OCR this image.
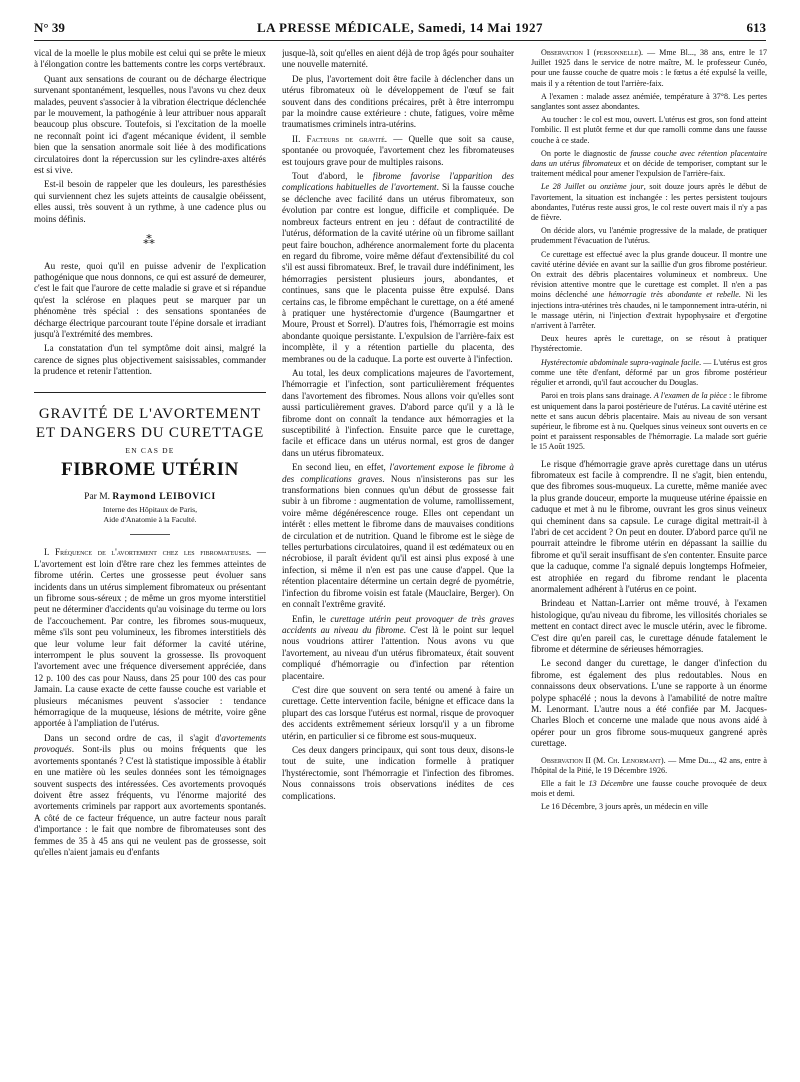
N° 39	LA PRESSE MÉDICALE, Samedi, 14 Mai 1927	613

vical de la moelle le plus mobile est celui qui se prête le mieux à l'élongation contre les battements contre les corps vertébraux.

Quant aux sensations de courant ou de décharge électrique survenant spontanément, lesquelles, nous l'avons vu chez deux malades, peuvent s'associer à la vibration électrique déclenchée par le mouvement, la pathogénie à leur attribuer nous apparaît beaucoup plus obscure. Toutefois, si l'excitation de la moelle ne reconnaît point ici d'agent mécanique évident, il semble bien que la sensation anormale soit liée à des modifications circulatoires dont la répercussion sur les cylindre-axes altérés est si vive.

Est-il besoin de rappeler que les douleurs, les paresthésies qui surviennent chez les sujets atteints de causalgie obéissent, elles aussi, très souvent à un rythme, à une cadence plus ou moins définis.

⁂

Au reste, quoi qu'il en puisse advenir de l'explication pathogénique que nous donnons, ce qui est assuré de demeurer, c'est le fait que l'aurore de cette maladie si grave et si répandue qu'est la sclérose en plaques peut se marquer par un phénomène très spécial : des sensations spontanées de décharge électrique parcourant toute l'épine dorsale et irradiant jusqu'à l'extrémité des membres.

La constatation d'un tel symptôme doit ainsi, malgré la carence de signes plus objectivement saisissables, commander la prudence et retenir l'attention.

GRAVITÉ DE L'AVORTEMENT
ET DANGERS DU CURETTAGE
EN CAS DE
FIBROME UTÉRIN
Par M. Raymond LEIBOVICI
Interne des Hôpitaux de Paris,
Aide d'Anatomie à la Faculté.

I. Fréquence de l'avortement chez les fibromateuses. — L'avortement est loin d'être rare chez les femmes atteintes de fibrome utérin. Certes une grossesse peut évoluer sans incidents dans un utérus simplement fibromateux ou présentant un fibrome sous-séreux ; de même un gros myome interstitiel peut ne déterminer d'accidents qu'au voisinage du terme ou lors de l'accouchement. Par contre, les fibromes sous-muqueux, même s'ils sont peu volumineux, les fibromes interstitiels dès que leur volume leur fait déformer la cavité utérine, interrompent le plus souvent la grossesse. Ils provoquent l'avortement avec une fréquence diversement appréciée, dans 12 p. 100 des cas pour Nauss, dans 25 pour 100 des cas pour Jamain. La cause exacte de cette fausse couche est variable et plusieurs mécanismes peuvent s'associer : tendance hémorragique de la muqueuse, lésions de métrite, voire gêne apportée à l'ampliation de l'utérus.

Dans un second ordre de cas, il s'agit d'avortements provoqués. Sont-ils plus ou moins fréquents que les avortements spontanés ? C'est là statistique impossible à établir en une matière où les seules données sont les témoignages souvent suspects des intéressées. Ces avortements provoqués doivent être assez fréquents, vu l'énorme majorité des avortements criminels par rapport aux avortements spontanés. A côté de ce facteur fréquence, un autre facteur nous paraît d'importance : le fait que nombre de fibromateuses sont des femmes de 35 à 45 ans qui ne veulent pas de grossesse, soit qu'elles n'aient jamais eu d'enfants

jusque-là, soit qu'elles en aient déjà de trop âgés pour souhaiter une nouvelle maternité.

De plus, l'avortement doit être facile à déclencher dans un utérus fibromateux où le développement de l'œuf se fait souvent dans des conditions précaires, prêt à être interrompu par la moindre cause extérieure : chute, fatigues, voire même traumatismes criminels intra-utérins.

II. Facteurs de gravité. — Quelle que soit sa cause, spontanée ou provoquée, l'avortement chez les fibromateuses est toujours grave pour de multiples raisons.

Tout d'abord, le fibrome favorise l'apparition des complications habituelles de l'avortement. Si la fausse couche se déclenche avec facilité dans un utérus fibromateux, son évolution par contre est longue, difficile et compliquée. De nombreux facteurs entrent en jeu : défaut de contractilité de l'utérus, déformation de la cavité utérine où un fibrome saillant peut faire bouchon, adhérence anormalement forte du placenta en regard du fibrome, voire même défaut d'extensibilité du col s'il est aussi fibromateux. Bref, le travail dure indéfiniment, les hémorragies persistent plusieurs jours, abondantes, et continues, sans que le placenta puisse être expulsé. Dans certains cas, le fibrome empêchant le curettage, on a été amené à pratiquer une hystérectomie d'urgence (Baumgartner et Moure, Proust et Sorrel). D'autres fois, l'hémorragie est moins abondante quoique persistante. L'expulsion de l'arrière-faix est incomplète, il y a rétention partielle du placenta, des membranes ou de la caduque. La porte est ouverte à l'infection.

Au total, les deux complications majeures de l'avortement, l'hémorragie et l'infection, sont particulièrement fréquentes dans l'avortement des fibromes. Nous allons voir qu'elles sont aussi particulièrement graves. D'abord parce qu'il y a là le fibrome dont on connaît la tendance aux hémorragies et la susceptibilité à l'infection. Ensuite parce que le curettage, facile et efficace dans un utérus normal, est gros de danger dans un utérus fibromateux.

En second lieu, en effet, l'avortement expose le fibrome à des complications graves. Nous n'insisterons pas sur les transformations bien connues qu'un début de grossesse fait subir à un fibrome : augmentation de volume, ramollissement, voire même dégénérescence rouge. Elles ont cependant un intérêt : elles mettent le fibrome dans de mauvaises conditions de circulation et de nutrition. Quand le fibrome est le siège de telles perturbations circulatoires, quand il est œdémateux ou en nécrobiose, il paraît évident qu'il est ainsi plus exposé à une infection, si même il n'en est pas une cause d'appel. Que la rétention placentaire détermine un certain degré de pyométrie, l'infection du fibrome voisin est fatale (Mauclaire, Berger). On en connaît l'extrême gravité.

Enfin, le curettage utérin peut provoquer de très graves accidents au niveau du fibrome. C'est là le point sur lequel nous voudrions attirer l'attention. Nous avons vu que l'avortement, au niveau d'un utérus fibromateux, était souvent compliqué d'hémorragie ou d'infection par rétention placentaire.

C'est dire que souvent on sera tenté ou amené à faire un curettage. Cette intervention facile, bénigne et efficace dans la plupart des cas lorsque l'utérus est normal, risque de provoquer des accidents extrêmement sérieux lorsqu'il y a un fibrome utérin, en particulier si ce fibrome est sous-muqueux.

Ces deux dangers principaux, qui sont tous deux, disons-le tout de suite, une indication formelle à pratiquer l'hystérectomie, sont l'hémorragie et l'infection des fibromes. Nous connaissons trois observations inédites de ces complications.

Observation I (personnelle). — Mme Bl..., 38 ans, entre le 17 Juillet 1925 dans le service de notre maître, M. le professeur Cunéo, pour une fausse couche de quatre mois : le fœtus a été expulsé la veille, mais il y a rétention de tout l'arrière-faix.

A l'examen : malade assez anémiée, température à 37°8. Les pertes sanglantes sont assez abondantes.

Au toucher : le col est mou, ouvert. L'utérus est gros, son fond atteint l'ombilic. Il est plutôt ferme et dur que ramolli comme dans une fausse couche à ce stade.

On porte le diagnostic de fausse couche avec rétention placentaire dans un utérus fibromateux et on décide de temporiser, comptant sur le traitement médical pour amener l'expulsion de l'arrière-faix.

Le 28 Juillet ou onzième jour, soit douze jours après le début de l'avortement, la situation est inchangée : les pertes persistent toujours abondantes, l'utérus reste aussi gros, le col reste ouvert mais il n'y a pas de fièvre.

On décide alors, vu l'anémie progressive de la malade, de pratiquer prudemment l'évacuation de l'utérus.

Ce curettage est effectué avec la plus grande douceur. Il montre une cavité utérine déviée en avant sur la saillie d'un gros fibrome postérieur. On extrait des débris placentaires volumineux et nombreux. Une révision attentive montre que le curettage est complet. Il n'en a pas moins déclenché une hémorragie très abondante et rebelle. Ni les injections intra-utérines très chaudes, ni le tamponnement intra-utérin, ni le massage utérin, ni l'injection d'extrait hypophysaire et d'ergotine n'arrivent à l'arrêter.

Deux heures après le curettage, on se résout à pratiquer l'hystérectomie.

Hystérectomie abdominale supra-vaginale facile. — L'utérus est gros comme une tête d'enfant, déformé par un gros fibrome postérieur régulier et arrondi, qu'il faut accoucher du Douglas.

Paroi en trois plans sans drainage. A l'examen de la pièce : le fibrome est uniquement dans la paroi postérieure de l'utérus. La cavité utérine est nette et sans aucun débris placentaire. Mais au niveau de son versant supérieur, le fibrome est à nu. Quelques sinus veineux sont ouverts en ce point et paraissent responsables de l'hémorragie. La malade sort guérie le 15 Août 1925.

Le risque d'hémorragie grave après curettage dans un utérus fibromateux est facile à comprendre. Il ne s'agit, bien entendu, que des fibromes sous-muqueux. La curette, même maniée avec la plus grande douceur, emporte la muqueuse utérine épaissie en caduque et met à nu le fibrome, ouvrant les gros sinus veineux qui cheminent dans sa capsule. Le curage digital mettrait-il à l'abri de cet accident ? On peut en douter. D'abord parce qu'il ne pourrait atteindre le fibrome utérin en dépassant la saillie du fibrome et qu'il serait insuffisant de s'en contenter. Ensuite parce que la caduque, comme l'a signalé depuis longtemps Hofmeier, est atrophiée en regard du fibrome rendant le placenta anormalement adhérent à l'utérus en ce point.

Brindeau et Nattan-Larrier ont même trouvé, à l'examen histologique, qu'au niveau du fibrome, les villosités choriales se mettent en contact direct avec le muscle utérin, avec le fibrome. C'est dire qu'en pareil cas, le curettage dénude fatalement le fibrome et détermine de sérieuses hémorragies.

Le second danger du curettage, le danger d'infection du fibrome, est également des plus redoutables. Nous en connaissons deux observations. L'une se rapporte à un énorme polype sphacélé ; nous la devons à l'amabilité de notre maître M. Lenormant. L'autre nous a été confiée par M. Jacques-Charles Bloch et concerne une malade que nous avons aidé à opérer pour un gros fibrome sous-muqueux gangrené après curettage.

Observation II (M. Ch. Lenormant). — Mme Du..., 42 ans, entre à l'hôpital de la Pitié, le 19 Décembre 1926.

Elle a fait le 13 Décembre une fausse couche provoquée de deux mois et demi.

Le 16 Décembre, 3 jours après, un médecin en ville
